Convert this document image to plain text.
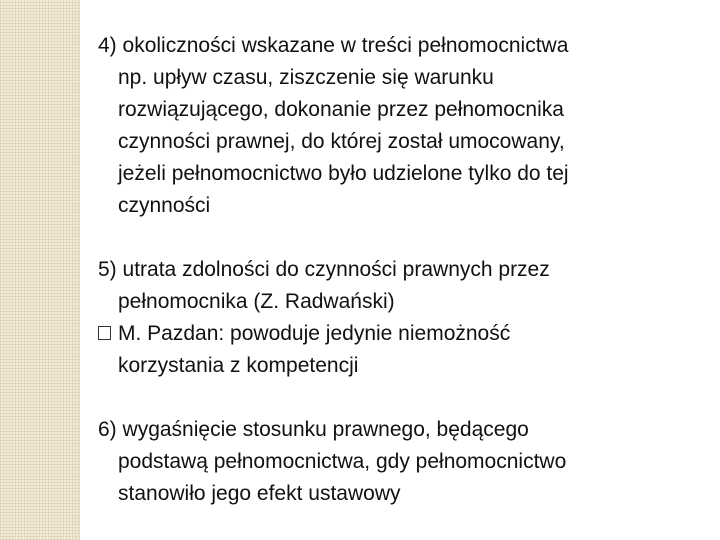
4) okoliczności wskazane w treści pełnomocnictwa
np. upływ czasu, ziszczenie się warunku
rozwiązującego, dokonanie przez pełnomocnika
czynności prawnej, do której został umocowany,
jeżeli pełnomocnictwo było udzielone tylko do tej
czynności
5) utrata zdolności do czynności prawnych przez
pełnomocnika (Z. Radwański)
M. Pazdan: powoduje jedynie niemożność
korzystania z kompetencji
6) wygaśnięcie stosunku prawnego, będącego
podstawą pełnomocnictwa, gdy pełnomocnictwo
stanowiło jego efekt ustawowy
